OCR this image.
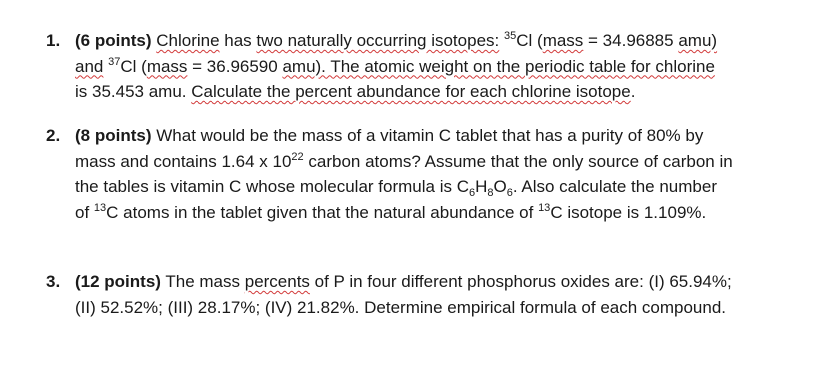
1. (6 points) Chlorine has two naturally occurring isotopes: $^{35}$Cl (mass = 34.96885 amu)
and $^{37}$Cl (mass = 36.96590 amu). The atomic weight on the periodic table for chlorine
is 35.453 amu. Calculate the percent abundance for each chlorine isotope.
2. (8 points) What would be the mass of a vitamin C tablet that has a purity of 80% by
mass and contains 1.64 x $10^{22}$ carbon atoms? Assume that the only source of carbon in
the tables is vitamin C whose molecular formula is $C_6H_8O_6$. Also calculate the number
of $^{13}$C atoms in the tablet given that the natural abundance of $^{13}$C isotope is 1.109%.
3. (12 points) The mass percents of P in four different phosphorus oxides are: (I) 65.94%;
(II) 52.52%; (III) 28.17%; (IV) 21.82%. Determine empirical formula of each compound.
